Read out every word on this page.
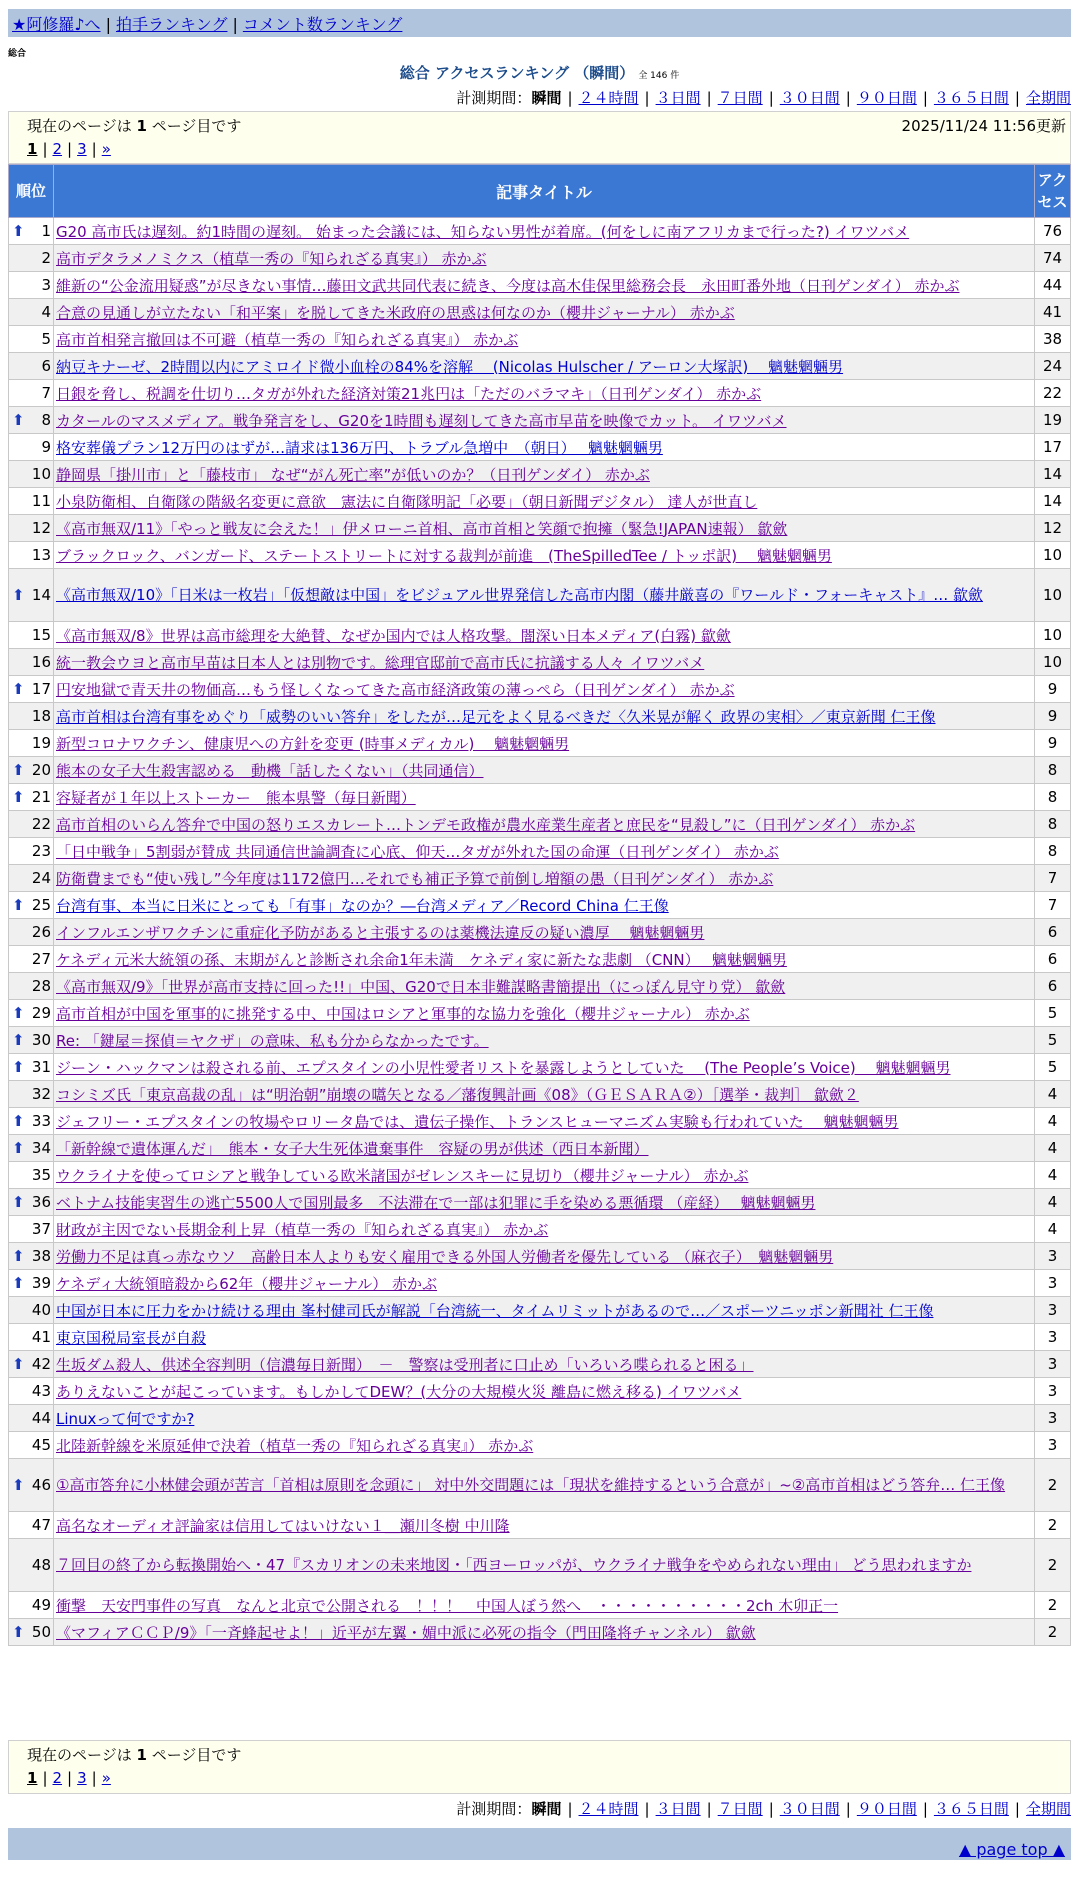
★阿修羅♪へ | 拍手ランキング | コメント数ランキング
総合
総合 アクセスランキング （瞬間） 全 146 件
計測期間：瞬間 | ２４時間 | ３日間 | ７日間 | ３０日間 | ９０日間 | ３６５日間 | 全期間
現在のページは 1 ページ目です	2025/11/24 11:56更新
1 | 2 | 3 | »
順位	記事タイトル	アクセス

⬆ 1	G20 高市氏は遅刻。約1時間の遅刻。 始まった会議には、知らない男性が着席。(何をしに南アフリカまで行った?) イワツバメ	76
2	高市デタラメノミクス（植草一秀の『知られざる真実』） 赤かぶ	74
3	維新の“公金流用疑惑”が尽きない事情…藤田文武共同代表に続き、今度は高木佳保里総務会長　永田町番外地（日刊ゲンダイ） 赤かぶ	44
4	合意の見通しが立たない「和平案」を脱してきた米政府の思惑は何なのか（櫻井ジャーナル） 赤かぶ	41
5	高市首相発言撤回は不可避（植草一秀の『知られざる真実』） 赤かぶ	38
6	納豆キナーゼ、2時間以内にアミロイド微小血栓の84%を溶解　 (Nicolas Hulscher / アーロン大塚訳)　 魑魅魍魎男	24
7	日銀を脅し、税調を仕切り…タガが外れた経済対策21兆円は「ただのバラマキ」（日刊ゲンダイ） 赤かぶ	22

⬆ 8	カタールのマスメディア。戦争発言をし、G20を1時間も遅刻してきた高市早苗を映像でカット。 イワツバメ	19
9	格安葬儀プラン12万円のはずが…請求は136万円、トラブル急増中　（朝日）　 魑魅魍魎男	17
10	静岡県「掛川市」と「藤枝市」 なぜ“がん死亡率”が低いのか？（日刊ゲンダイ） 赤かぶ	14
11	小泉防衛相、自衛隊の階級名変更に意欲　憲法に自衛隊明記「必要」（朝日新聞デジタル） 達人が世直し	14
12	《高市無双/11》「やっと戦友に会えた！」伊メローニ首相、高市首相と笑顔で抱擁（緊急!JAPAN速報） 歙歛	12
13	ブラックロック、バンガード、ステートストリートに対する裁判が前進　(TheSpilledTee / トッポ訳)　 魑魅魍魎男	10

⬆ 14	《高市無双/10》「日米は一枚岩」「仮想敵は中国」をビジュアル世界発信した高市内閣（藤井厳喜の『ワールド・フォーキャスト』… 歙歛	10
15	《高市無双/8》世界は高市総理を大絶賛、なぜか国内では人格攻撃。闇深い日本メディア(白霧) 歙歛	10
16	統一教会ウヨと高市早苗は日本人とは別物です。総理官邸前で高市氏に抗議する人々 イワツバメ	10

⬆ 17	円安地獄で青天井の物価高…もう怪しくなってきた高市経済政策の薄っぺら（日刊ゲンダイ） 赤かぶ	9
18	高市首相は台湾有事をめぐり「威勢のいい答弁」をしたが…足元をよく見るべきだ〈久米晃が解く 政界の実相〉／東京新聞 仁王像	9
19	新型コロナワクチン、健康児への方針を変更 (時事メディカル)　 魑魅魍魎男	9

⬆ 20	熊本の女子大生殺害認める　動機「話したくない」（共同通信）	8

⬆ 21	容疑者が１年以上ストーカー　熊本県警（毎日新聞）	8
22	高市首相のいらん答弁で中国の怒りエスカレート…トンデモ政権が農水産業生産者と庶民を“見殺し”に（日刊ゲンダイ） 赤かぶ	8
23	「日中戦争」5割弱が賛成 共同通信世論調査に心底、仰天…タガが外れた国の命運（日刊ゲンダイ） 赤かぶ	8
24	防衛費までも“使い残し”今年度は1172億円…それでも補正予算で前倒し増額の愚（日刊ゲンダイ） 赤かぶ	7

⬆ 25	台湾有事、本当に日米にとっても「有事」なのか？―台湾メディア／Record China 仁王像	7
26	インフルエンザワクチンに重症化予防があると主張するのは薬機法違反の疑い濃厚　 魑魅魍魎男	6
27	ケネディ元米大統領の孫、末期がんと診断され余命1年未満　ケネディ家に新たな悲劇 （CNN）　 魑魅魍魎男	6
28	《高市無双/9》「世界が高市支持に回った!!」中国、G20で日本非難謀略書簡提出（にっぽん見守り党） 歙歛	6

⬆ 29	高市首相が中国を軍事的に挑発する中、中国はロシアと軍事的な協力を強化（櫻井ジャーナル） 赤かぶ	5

⬆ 30	Re: 「鍵屋＝探偵＝ヤクザ」の意味、私も分からなかったです。	5

⬆ 31	ジーン・ハックマンは殺される前、エプスタインの小児性愛者リストを暴露しようとしていた　 (The People’s Voice)　 魑魅魍魎男	5
32	コシミズ氏「東京高裁の乱」は“明治朝”崩壊の嚆矢となる／藩復興計画《08》（ＧＥＳＡＲＡ②）［選挙・裁判］ 歙歛２	4

⬆ 33	ジェフリー・エプスタインの牧場やロリータ島では、遺伝子操作、トランスヒューマニズム実験も行われていた　 魑魅魍魎男	4

⬆ 34	「新幹線で遺体運んだ」　熊本・女子大生死体遺棄事件　容疑の男が供述（西日本新聞）	4
35	ウクライナを使ってロシアと戦争している欧米諸国がゼレンスキーに見切り（櫻井ジャーナル） 赤かぶ	4

⬆ 36	ベトナム技能実習生の逃亡5500人で国別最多　不法滞在で一部は犯罪に手を染める悪循環 （産経）　 魑魅魍魎男	4
37	財政が主因でない長期金利上昇（植草一秀の『知られざる真実』） 赤かぶ	4

⬆ 38	労働力不足は真っ赤なウソ　高齢日本人よりも安く雇用できる外国人労働者を優先している （麻衣子）　魑魅魍魎男	3

⬆ 39	ケネディ大統領暗殺から62年（櫻井ジャーナル） 赤かぶ	3
40	中国が日本に圧力をかけ続ける理由 峯村健司氏が解説「台湾統一、タイムリミットがあるので…／スポーツニッポン新聞社 仁王像	3
41	東京国税局室長が自殺	3

⬆ 42	生坂ダム殺人、供述全容判明（信濃毎日新聞）　－　警察は受刑者に口止め「いろいろ喋られると困る」	3
43	ありえないことが起こっています。もしかしてDEW？(大分の大規模火災 離島に燃え移る) イワツバメ	3
44	Linuxって何ですか?	3
45	北陸新幹線を米原延伸で決着（植草一秀の『知られざる真実』） 赤かぶ	3

⬆ 46	①高市答弁に小林健会頭が苦言「首相は原則を念頭に」 対中外交問題には「現状を維持するという合意が」~②高市首相はどう答弁… 仁王像	2
47	高名なオーディオ評論家は信用してはいけない１＿瀬川冬樹 中川隆	2
48	７回目の終了から転換開始へ・47『スカリオンの未来地図・「西ヨーロッパが、ウクライナ戦争をやめられない理由」 どう思われますか	2
49	衝撃　天安門事件の写真　なんと北京で公開される　！！！　中国人ぼう然へ　・・・・・・・・・・2ch 木卯正一	2

⬆ 50	《マフィアＣＣＰ/9》「一斉蜂起せよ！」近平が左翼・媚中派に必死の指令（門田隆将チャンネル） 歙歛	2
現在のページは 1 ページ目です
1 | 2 | 3 | »
計測期間：瞬間 | ２４時間 | ３日間 | ７日間 | ３０日間 | ９０日間 | ３６５日間 | 全期間
▲ page top ▲
